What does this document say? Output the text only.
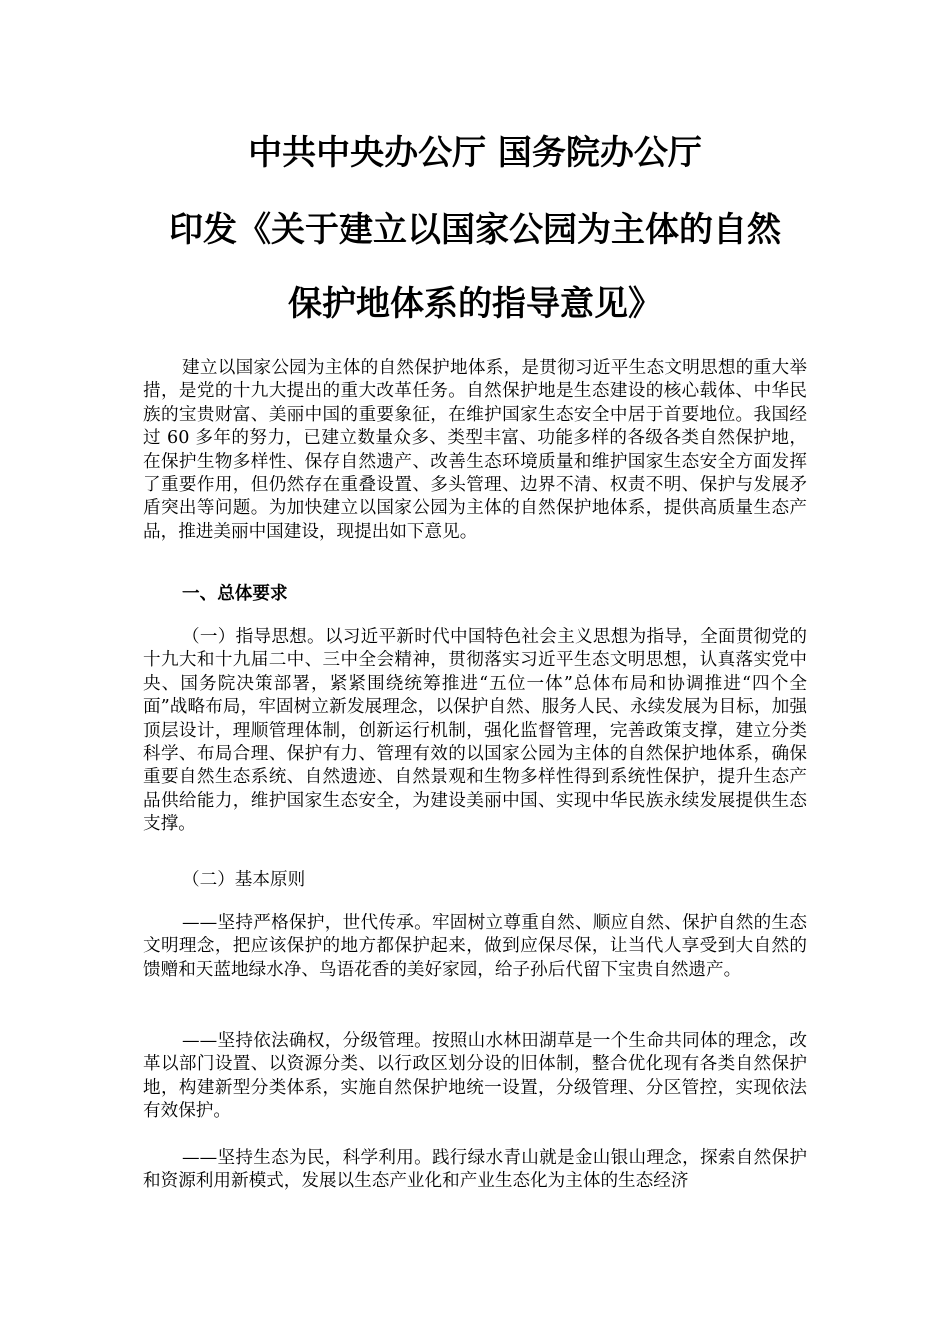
中共中央办公厅 国务院办公厅
印发《关于建立以国家公园为主体的自然
保护地体系的指导意见》

建立以国家公园为主体的自然保护地体系，是贯彻习近平生态文明思想的重大举措，是党的十九大提出的重大改革任务。自然保护地是生态建设的核心载体、中华民族的宝贵财富、美丽中国的重要象征，在维护国家生态安全中居于首要地位。我国经过 60 多年的努力，已建立数量众多、类型丰富、功能多样的各级各类自然保护地，在保护生物多样性、保存自然遗产、改善生态环境质量和维护国家生态安全方面发挥了重要作用，但仍然存在重叠设置、多头管理、边界不清、权责不明、保护与发展矛盾突出等问题。为加快建立以国家公园为主体的自然保护地体系，提供高质量生态产品，推进美丽中国建设，现提出如下意见。

一、总体要求

（一）指导思想。以习近平新时代中国特色社会主义思想为指导，全面贯彻党的十九大和十九届二中、三中全会精神，贯彻落实习近平生态文明思想，认真落实党中央、国务院决策部署，紧紧围绕统筹推进“五位一体”总体布局和协调推进“四个全面”战略布局，牢固树立新发展理念，以保护自然、服务人民、永续发展为目标，加强顶层设计，理顺管理体制，创新运行机制，强化监督管理，完善政策支撑，建立分类科学、布局合理、保护有力、管理有效的以国家公园为主体的自然保护地体系，确保重要自然生态系统、自然遗迹、自然景观和生物多样性得到系统性保护，提升生态产品供给能力，维护国家生态安全，为建设美丽中国、实现中华民族永续发展提供生态支撑。

（二）基本原则

——坚持严格保护，世代传承。牢固树立尊重自然、顺应自然、保护自然的生态文明理念，把应该保护的地方都保护起来，做到应保尽保，让当代人享受到大自然的馈赠和天蓝地绿水净、鸟语花香的美好家园，给子孙后代留下宝贵自然遗产。

——坚持依法确权，分级管理。按照山水林田湖草是一个生命共同体的理念，改革以部门设置、以资源分类、以行政区划分设的旧体制，整合优化现有各类自然保护地，构建新型分类体系，实施自然保护地统一设置，分级管理、分区管控，实现依法有效保护。

——坚持生态为民，科学利用。践行绿水青山就是金山银山理念，探索自然保护和资源利用新模式，发展以生态产业化和产业生态化为主体的生态经济
